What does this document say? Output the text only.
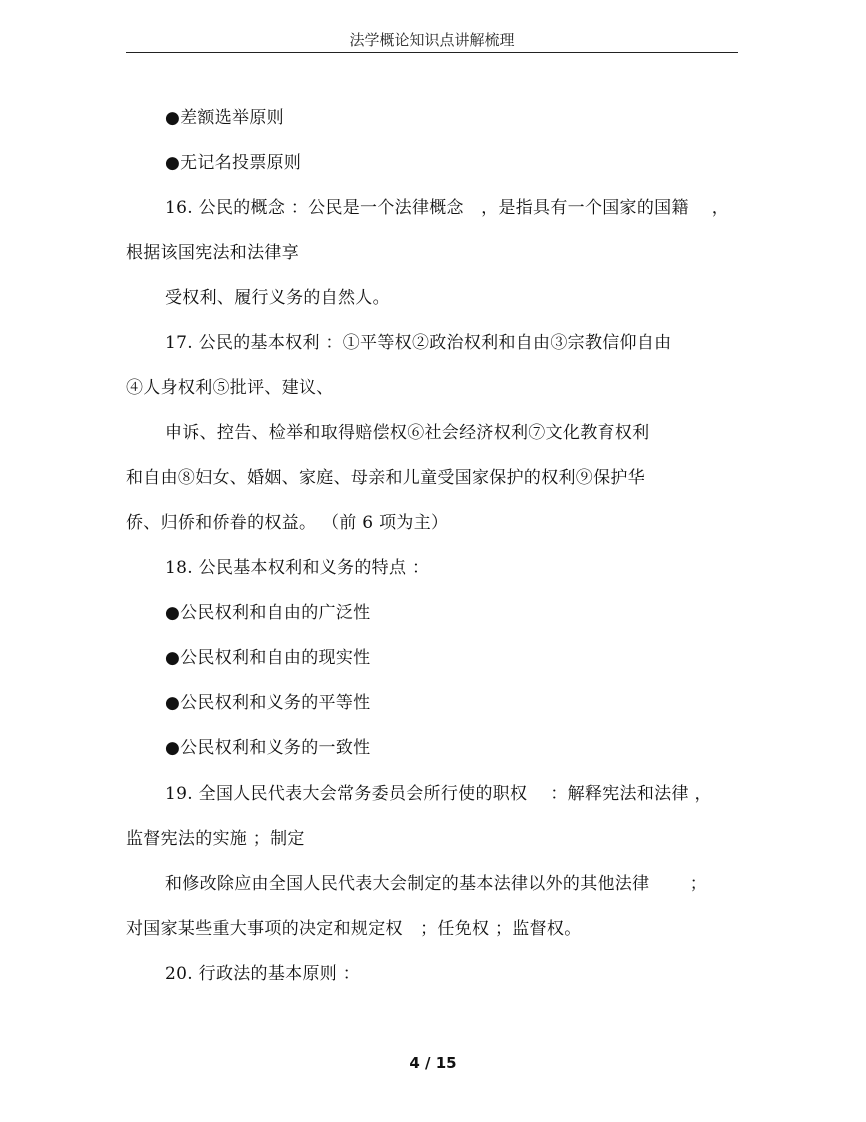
法学概论知识点讲解梳理
●差额选举原则
●无记名投票原则
16. 公民的概念 ：公民是一个法律概念　，是指具有一个国家的国籍　 ，
根据该国宪法和法律享
受权利、履行义务的自然人。
17. 公民的基本权利 ：①平等权②政治权利和自由③宗教信仰自由
④人身权利⑤批评、建议、
申诉、控告、检举和取得赔偿权⑥社会经济权利⑦文化教育权利
和自由⑧妇女、婚姻、家庭、母亲和儿童受国家保护的权利⑨保护华
侨、归侨和侨眷的权益。 （前 6 项为主）
18. 公民基本权利和义务的特点 ：
●公民权利和自由的广泛性
●公民权利和自由的现实性
●公民权利和义务的平等性
●公民权利和义务的一致性
19. 全国人民代表大会常务委员会所行使的职权　 ：解释宪法和法律 ，
监督宪法的实施 ；制定
和修改除应由全国人民代表大会制定的基本法律以外的其他法律　　 ；
对国家某些重大事项的决定和规定权　；任免权 ；监督权。
20. 行政法的基本原则 ：
4 / 15
